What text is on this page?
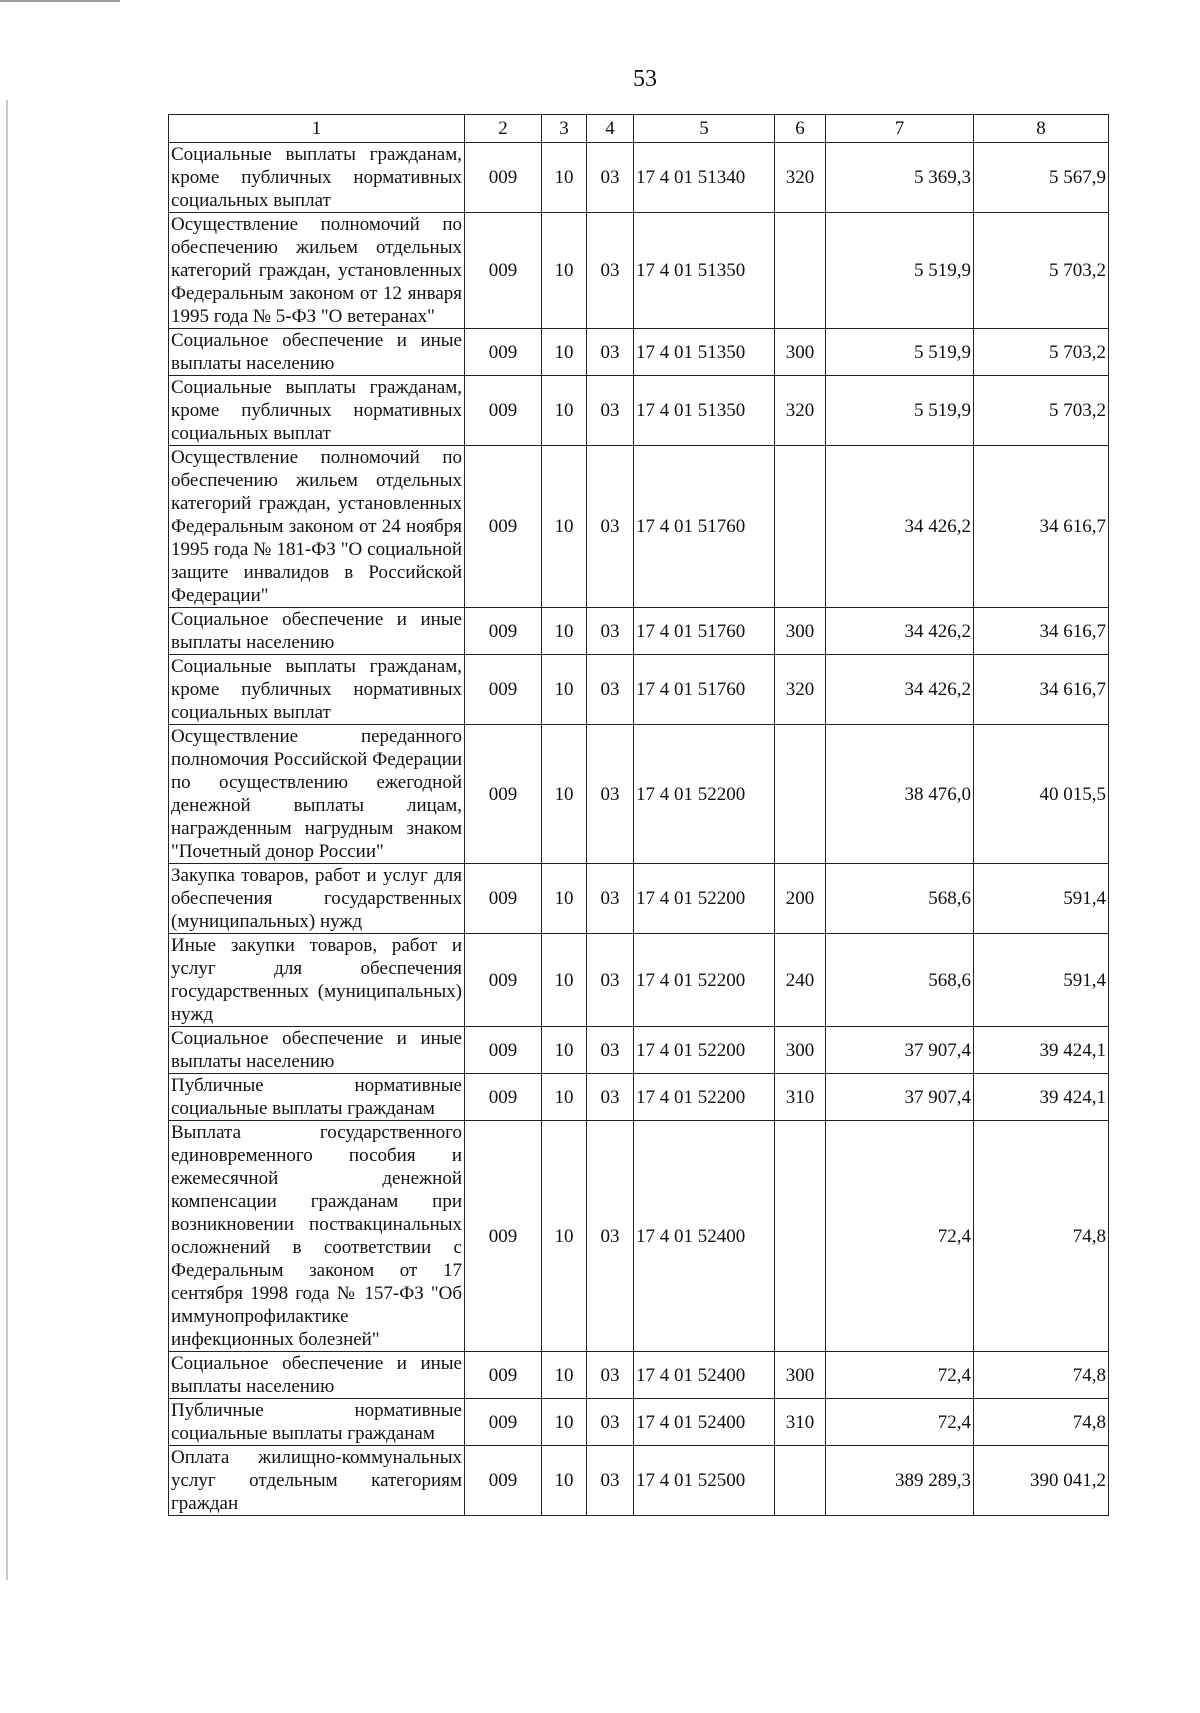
53
1	2	3	4	5	6	7	8
Социальные выплаты гражданам, кроме публичных нормативных социальных выплат	009	10	03	17 4 01 51340	320	5 369,3	5 567,9
Осуществление полномочий по обеспечению жильем отдельных категорий граждан, установленных Федеральным законом от 12 января 1995 года № 5-ФЗ "О ветеранах"	009	10	03	17 4 01 51350		5 519,9	5 703,2
Социальное обеспечение и иные выплаты населению	009	10	03	17 4 01 51350	300	5 519,9	5 703,2
Социальные выплаты гражданам, кроме публичных нормативных социальных выплат	009	10	03	17 4 01 51350	320	5 519,9	5 703,2
Осуществление полномочий по обеспечению жильем отдельных категорий граждан, установленных Федеральным законом от 24 ноября 1995 года № 181-ФЗ "О социальной защите инвалидов в Российской Федерации"	009	10	03	17 4 01 51760		34 426,2	34 616,7
Социальное обеспечение и иные выплаты населению	009	10	03	17 4 01 51760	300	34 426,2	34 616,7
Социальные выплаты гражданам, кроме публичных нормативных социальных выплат	009	10	03	17 4 01 51760	320	34 426,2	34 616,7
Осуществление переданного полномочия Российской Федерации по осуществлению ежегодной денежной выплаты лицам, награжденным нагрудным знаком "Почетный донор России"	009	10	03	17 4 01 52200		38 476,0	40 015,5
Закупка товаров, работ и услуг для обеспечения государственных (муниципальных) нужд	009	10	03	17 4 01 52200	200	568,6	591,4
Иные закупки товаров, работ и услуг для обеспечения государственных (муниципальных) нужд	009	10	03	17 4 01 52200	240	568,6	591,4
Социальное обеспечение и иные выплаты населению	009	10	03	17 4 01 52200	300	37 907,4	39 424,1
Публичные нормативные социальные выплаты гражданам	009	10	03	17 4 01 52200	310	37 907,4	39 424,1
Выплата государственного единовременного пособия и ежемесячной денежной компенсации гражданам при возникновении поствакцинальных осложнений в соответствии с Федеральным законом от 17 сентября 1998 года № 157-ФЗ "Об иммунопрофилактике инфекционных болезней"	009	10	03	17 4 01 52400		72,4	74,8
Социальное обеспечение и иные выплаты населению	009	10	03	17 4 01 52400	300	72,4	74,8
Публичные нормативные социальные выплаты гражданам	009	10	03	17 4 01 52400	310	72,4	74,8
Оплата жилищно-коммунальных услуг отдельным категориям граждан	009	10	03	17 4 01 52500		389 289,3	390 041,2
